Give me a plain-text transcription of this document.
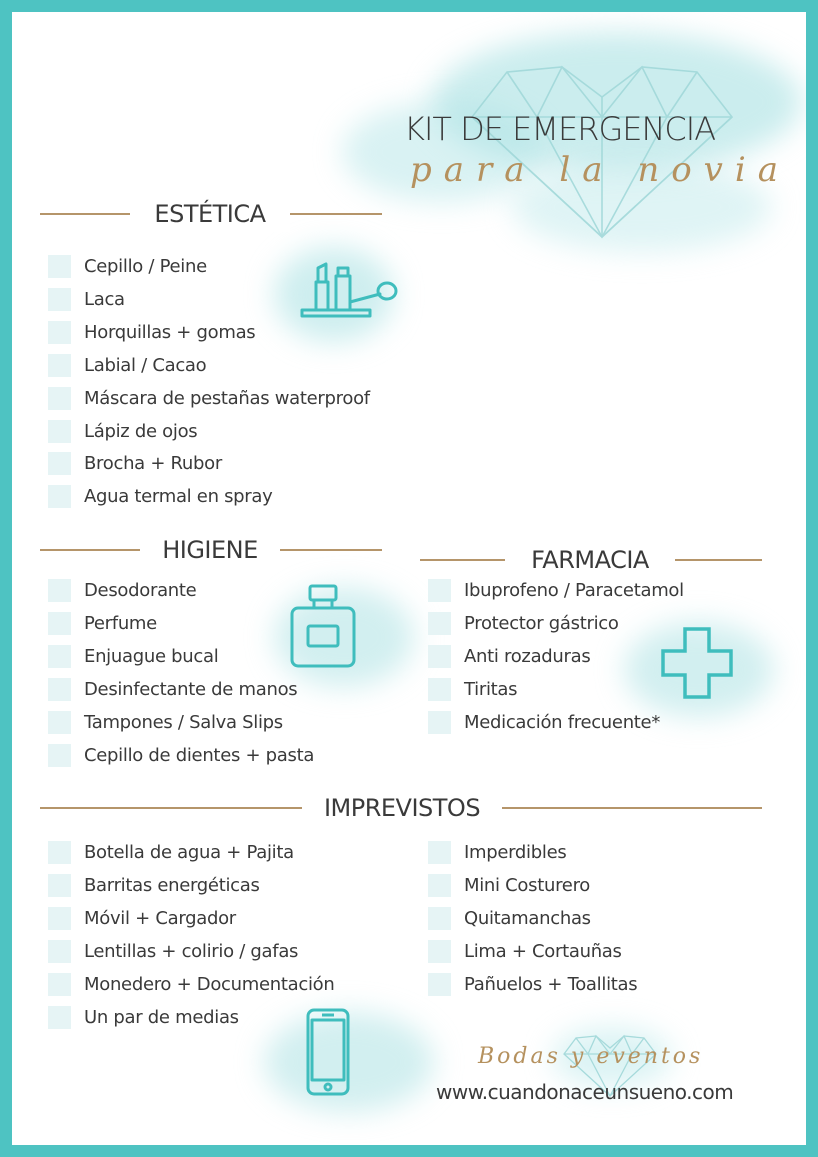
KIT DE EMERGENCIA
para la novia
ESTÉTICA
Cepillo / Peine
Laca
Horquillas + gomas
Labial / Cacao
Máscara de pestañas waterproof
Lápiz de ojos
Brocha + Rubor
Agua termal en spray
HIGIENE
Desodorante
Perfume
Enjuague bucal
Desinfectante de manos
Tampones / Salva Slips
Cepillo de dientes + pasta
FARMACIA
Ibuprofeno / Paracetamol
Protector gástrico
Anti rozaduras
Tiritas
Medicación frecuente*
IMPREVISTOS
Botella de agua + Pajita
Barritas energéticas
Móvil + Cargador
Lentillas + colirio / gafas
Monedero + Documentación
Un par de medias
Imperdibles
Mini Costurero
Quitamanchas
Lima + Cortauñas
Pañuelos + Toallitas
Bodas y eventos
www.cuandonaceunsueno.com
